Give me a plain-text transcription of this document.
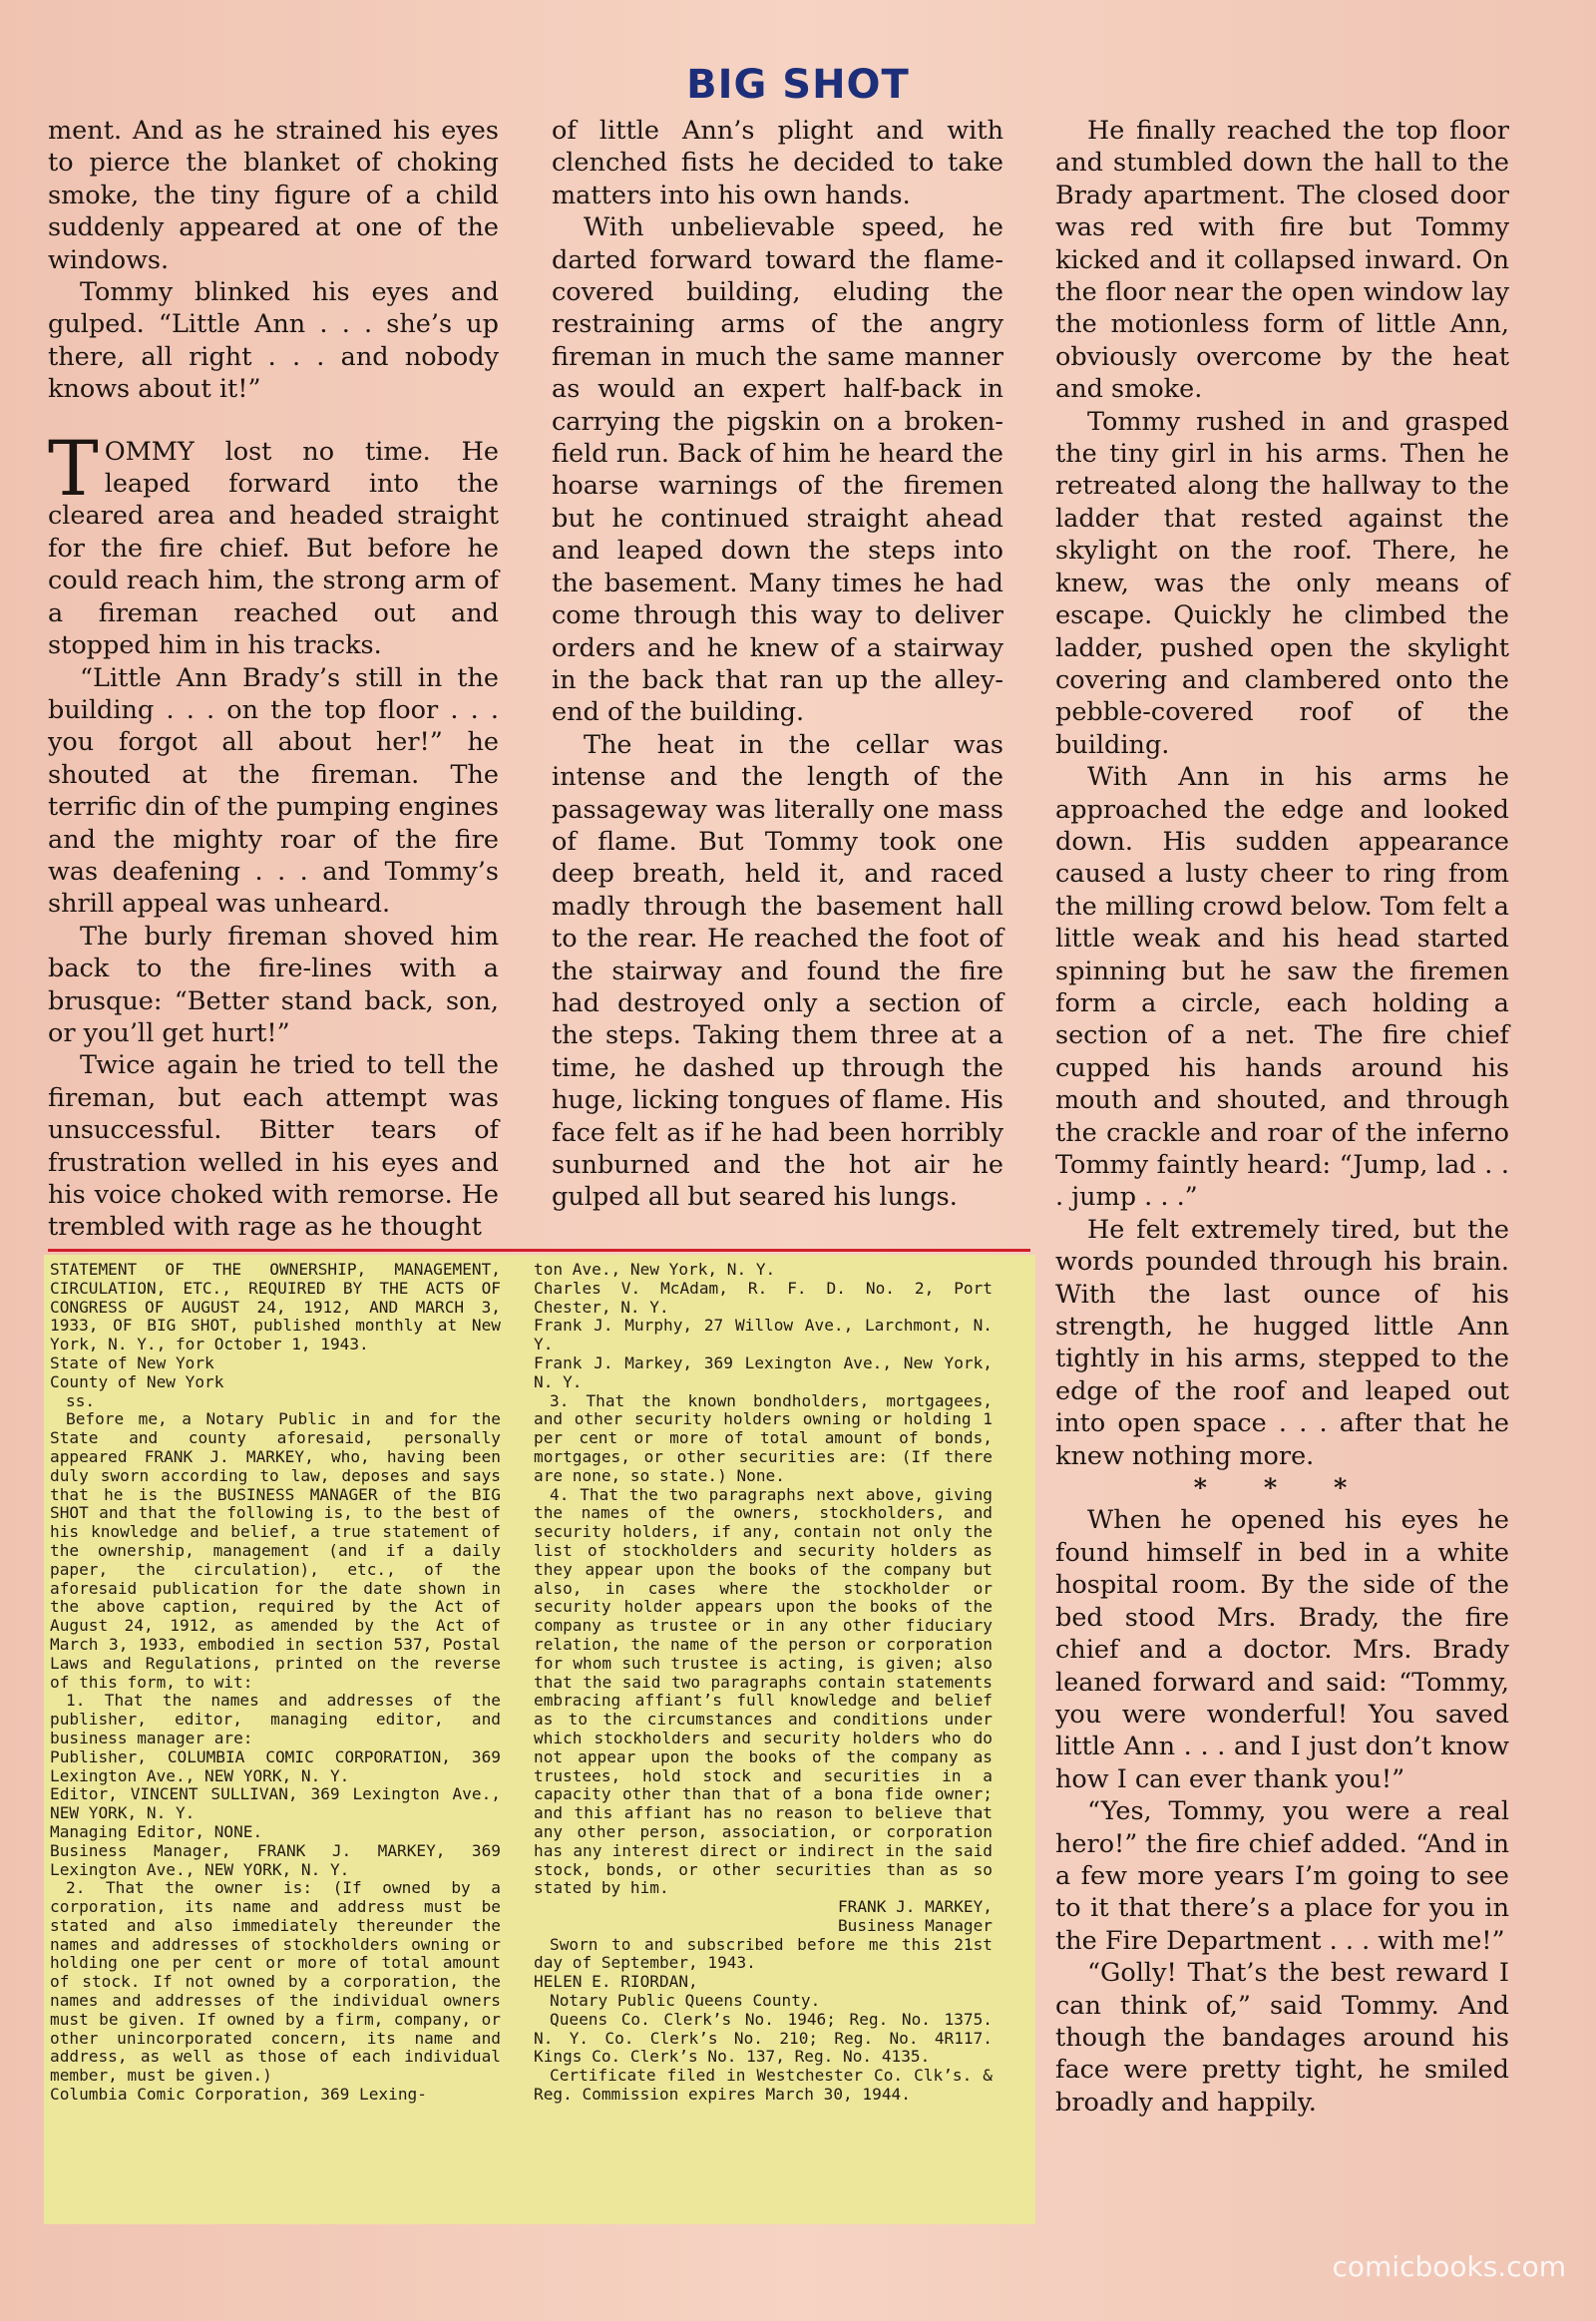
BIG SHOT

ment. And as he strained his eyes to pierce the blanket of choking smoke, the tiny figure of a child suddenly appeared at one of the windows.

Tommy blinked his eyes and gulped. “Little Ann . . . she’s up there, all right . . . and nobody knows about it!”

TOMMY lost no time. He leaped forward into the cleared area and headed straight for the fire chief. But before he could reach him, the strong arm of a fireman reached out and stopped him in his tracks.

“Little Ann Brady’s still in the building . . . on the top floor . . . you forgot all about her!” he shouted at the fireman. The terrific din of the pumping engines and the mighty roar of the fire was deafening . . . and Tommy’s shrill appeal was unheard.

The burly fireman shoved him back to the fire-lines with a brusque: “Better stand back, son, or you’ll get hurt!”

Twice again he tried to tell the fireman, but each attempt was unsuccessful. Bitter tears of frustration welled in his eyes and his voice choked with remorse. He trembled with rage as he thought

of little Ann’s plight and with clenched fists he decided to take matters into his own hands.

With unbelievable speed, he darted forward toward the flame-covered building, eluding the restraining arms of the angry fireman in much the same manner as would an expert half-back in carrying the pigskin on a broken-field run. Back of him he heard the hoarse warnings of the firemen but he continued straight ahead and leaped down the steps into the basement. Many times he had come through this way to deliver orders and he knew of a stairway in the back that ran up the alley-end of the building.

The heat in the cellar was intense and the length of the passageway was literally one mass of flame. But Tommy took one deep breath, held it, and raced madly through the basement hall to the rear. He reached the foot of the stairway and found the fire had destroyed only a section of the steps. Taking them three at a time, he dashed up through the huge, licking tongues of flame. His face felt as if he had been horribly sunburned and the hot air he gulped all but seared his lungs.

He finally reached the top floor and stumbled down the hall to the Brady apartment. The closed door was red with fire but Tommy kicked and it collapsed inward. On the floor near the open window lay the motionless form of little Ann, obviously overcome by the heat and smoke.

Tommy rushed in and grasped the tiny girl in his arms. Then he retreated along the hallway to the ladder that rested against the skylight on the roof. There, he knew, was the only means of escape. Quickly he climbed the ladder, pushed open the skylight covering and clambered onto the pebble-covered roof of the building.

With Ann in his arms he approached the edge and looked down. His sudden appearance caused a lusty cheer to ring from the milling crowd below. Tom felt a little weak and his head started spinning but he saw the firemen form a circle, each holding a section of a net. The fire chief cupped his hands around his mouth and shouted, and through the crackle and roar of the inferno Tommy faintly heard: “Jump, lad . . . jump . . .”

He felt extremely tired, but the words pounded through his brain. With the last ounce of his strength, he hugged little Ann tightly in his arms, stepped to the edge of the roof and leaped out into open space . . . after that he knew nothing more.

* * *

When he opened his eyes he found himself in bed in a white hospital room. By the side of the bed stood Mrs. Brady, the fire chief and a doctor. Mrs. Brady leaned forward and said: “Tommy, you were wonderful! You saved little Ann . . . and I just don’t know how I can ever thank you!”

“Yes, Tommy, you were a real hero!” the fire chief added. “And in a few more years I’m going to see to it that there’s a place for you in the Fire Department . . . with me!”

“Golly! That’s the best reward I can think of,” said Tommy. And though the bandages around his face were pretty tight, he smiled broadly and happily.

STATEMENT OF THE OWNERSHIP, MANAGEMENT, CIRCULATION, ETC., REQUIRED BY THE ACTS OF CONGRESS OF AUGUST 24, 1912, AND MARCH 3, 1933, OF BIG SHOT, published monthly at New York, N. Y., for October 1, 1943.

State of New York

County of New York

ss.

Before me, a Notary Public in and for the State and county aforesaid, personally appeared FRANK J. MARKEY, who, having been duly sworn according to law, deposes and says that he is the BUSINESS MANAGER of the BIG SHOT and that the following is, to the best of his knowledge and belief, a true statement of the ownership, management (and if a daily paper, the circulation), etc., of the aforesaid publication for the date shown in the above caption, required by the Act of August 24, 1912, as amended by the Act of March 3, 1933, embodied in section 537, Postal Laws and Regulations, printed on the reverse of this form, to wit:

1. That the names and addresses of the publisher, editor, managing editor, and business manager are:

Publisher, COLUMBIA COMIC CORPORATION, 369 Lexington Ave., NEW YORK, N. Y.

Editor, VINCENT SULLIVAN, 369 Lexington Ave., NEW YORK, N. Y.

Managing Editor, NONE.

Business Manager, FRANK J. MARKEY, 369 Lexington Ave., NEW YORK, N. Y.

2. That the owner is: (If owned by a corporation, its name and address must be stated and also immediately thereunder the names and addresses of stockholders owning or holding one per cent or more of total amount of stock. If not owned by a corporation, the names and addresses of the individual owners must be given. If owned by a firm, company, or other unincorporated concern, its name and address, as well as those of each individual member, must be given.)

Columbia Comic Corporation, 369 Lexing-

ton Ave., New York, N. Y.

Charles V. McAdam, R. F. D. No. 2, Port Chester, N. Y.

Frank J. Murphy, 27 Willow Ave., Larchmont, N. Y.

Frank J. Markey, 369 Lexington Ave., New York, N. Y.

3. That the known bondholders, mortgagees, and other security holders owning or holding 1 per cent or more of total amount of bonds, mortgages, or other securities are: (If there are none, so state.) None.

4. That the two paragraphs next above, giving the names of the owners, stockholders, and security holders, if any, contain not only the list of stockholders and security holders as they appear upon the books of the company but also, in cases where the stockholder or security holder appears upon the books of the company as trustee or in any other fiduciary relation, the name of the person or corporation for whom such trustee is acting, is given; also that the said two paragraphs contain statements embracing affiant’s full knowledge and belief as to the circumstances and conditions under which stockholders and security holders who do not appear upon the books of the company as trustees, hold stock and securities in a capacity other than that of a bona fide owner; and this affiant has no reason to believe that any other person, association, or corporation has any interest direct or indirect in the said stock, bonds, or other securities than as so stated by him.

FRANK J. MARKEY,

Business Manager

Sworn to and subscribed before me this 21st day of September, 1943.

HELEN E. RIORDAN,

Notary Public Queens County.

Queens Co. Clerk’s No. 1946; Reg. No. 1375. N. Y. Co. Clerk’s No. 210; Reg. No. 4R117. Kings Co. Clerk’s No. 137, Reg. No. 4135.

Certificate filed in Westchester Co. Clk’s. & Reg. Commission expires March 30, 1944.

comicbooks.com
